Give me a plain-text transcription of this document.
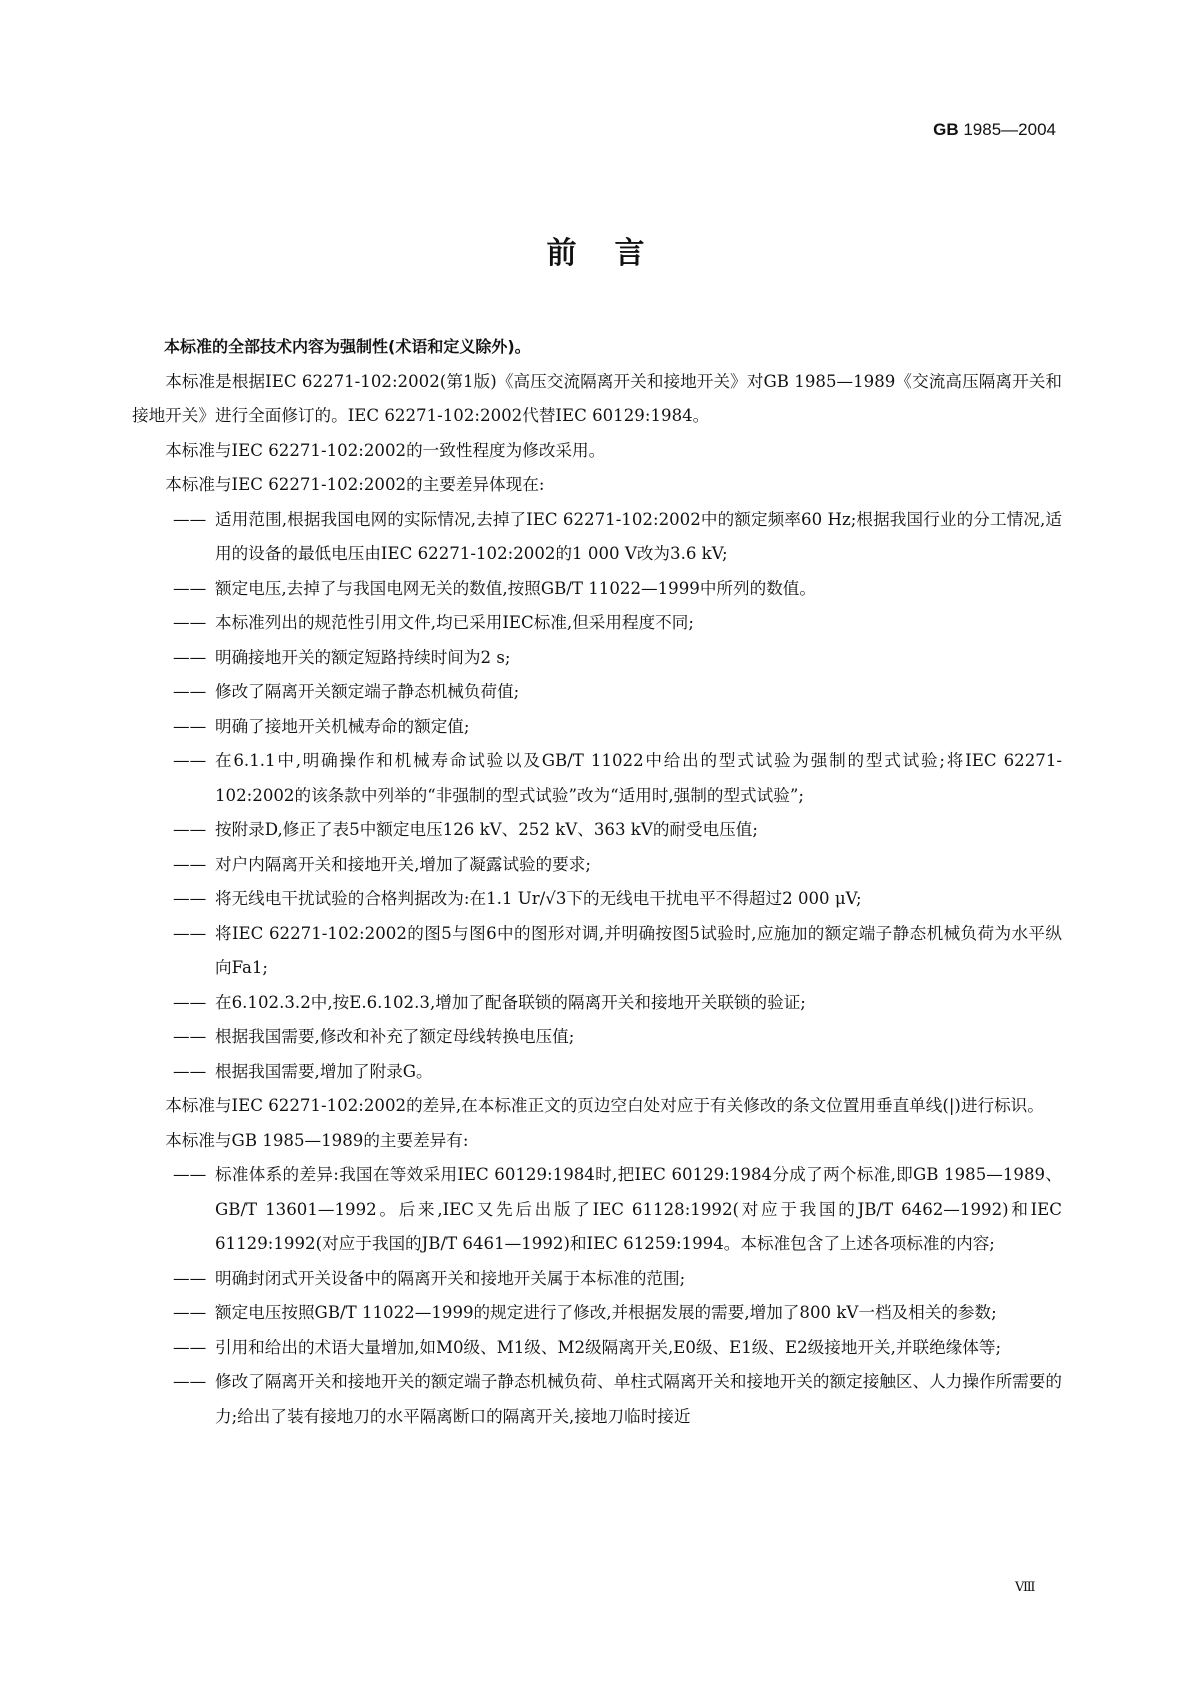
GB 1985—2004
前言

本标准的全部技术内容为强制性(术语和定义除外)。

本标准是根据IEC 62271-102:2002(第1版)《高压交流隔离开关和接地开关》对GB 1985—1989《交流高压隔离开关和接地开关》进行全面修订的。IEC 62271-102:2002代替IEC 60129:1984。

本标准与IEC 62271-102:2002的一致性程度为修改采用。

本标准与IEC 62271-102:2002的主要差异体现在:

—— 适用范围,根据我国电网的实际情况,去掉了IEC 62271-102:2002中的额定频率60 Hz;根据我国行业的分工情况,适用的设备的最低电压由IEC 62271-102:2002的1 000 V改为3.6 kV;
—— 额定电压,去掉了与我国电网无关的数值,按照GB/T 11022—1999中所列的数值。
—— 本标准列出的规范性引用文件,均已采用IEC标准,但采用程度不同;
—— 明确接地开关的额定短路持续时间为2 s;
—— 修改了隔离开关额定端子静态机械负荷值;
—— 明确了接地开关机械寿命的额定值;
—— 在6.1.1中,明确操作和机械寿命试验以及GB/T 11022中给出的型式试验为强制的型式试验;将IEC 62271-102:2002的该条款中列举的“非强制的型式试验”改为“适用时,强制的型式试验”;
—— 按附录D,修正了表5中额定电压126 kV、252 kV、363 kV的耐受电压值;
—— 对户内隔离开关和接地开关,增加了凝露试验的要求;
—— 将无线电干扰试验的合格判据改为:在1.1 Ur/√3下的无线电干扰电平不得超过2 000 μV;
—— 将IEC 62271-102:2002的图5与图6中的图形对调,并明确按图5试验时,应施加的额定端子静态机械负荷为水平纵向Fa1;
—— 在6.102.3.2中,按E.6.102.3,增加了配备联锁的隔离开关和接地开关联锁的验证;
—— 根据我国需要,修改和补充了额定母线转换电压值;
—— 根据我国需要,增加了附录G。

本标准与IEC 62271-102:2002的差异,在本标准正文的页边空白处对应于有关修改的条文位置用垂直单线(|)进行标识。

本标准与GB 1985—1989的主要差异有:

—— 标准体系的差异:我国在等效采用IEC 60129:1984时,把IEC 60129:1984分成了两个标准,即GB 1985—1989、GB/T 13601—1992。后来,IEC又先后出版了IEC 61128:1992(对应于我国的JB/T 6462—1992)和IEC 61129:1992(对应于我国的JB/T 6461—1992)和IEC 61259:1994。本标准包含了上述各项标准的内容;
—— 明确封闭式开关设备中的隔离开关和接地开关属于本标准的范围;
—— 额定电压按照GB/T 11022—1999的规定进行了修改,并根据发展的需要,增加了800 kV一档及相关的参数;
—— 引用和给出的术语大量增加,如M0级、M1级、M2级隔离开关,E0级、E1级、E2级接地开关,并联绝缘体等;
—— 修改了隔离开关和接地开关的额定端子静态机械负荷、单柱式隔离开关和接地开关的额定接触区、人力操作所需要的力;给出了装有接地刀的水平隔离断口的隔离开关,接地刀临时接近
Ⅷ
